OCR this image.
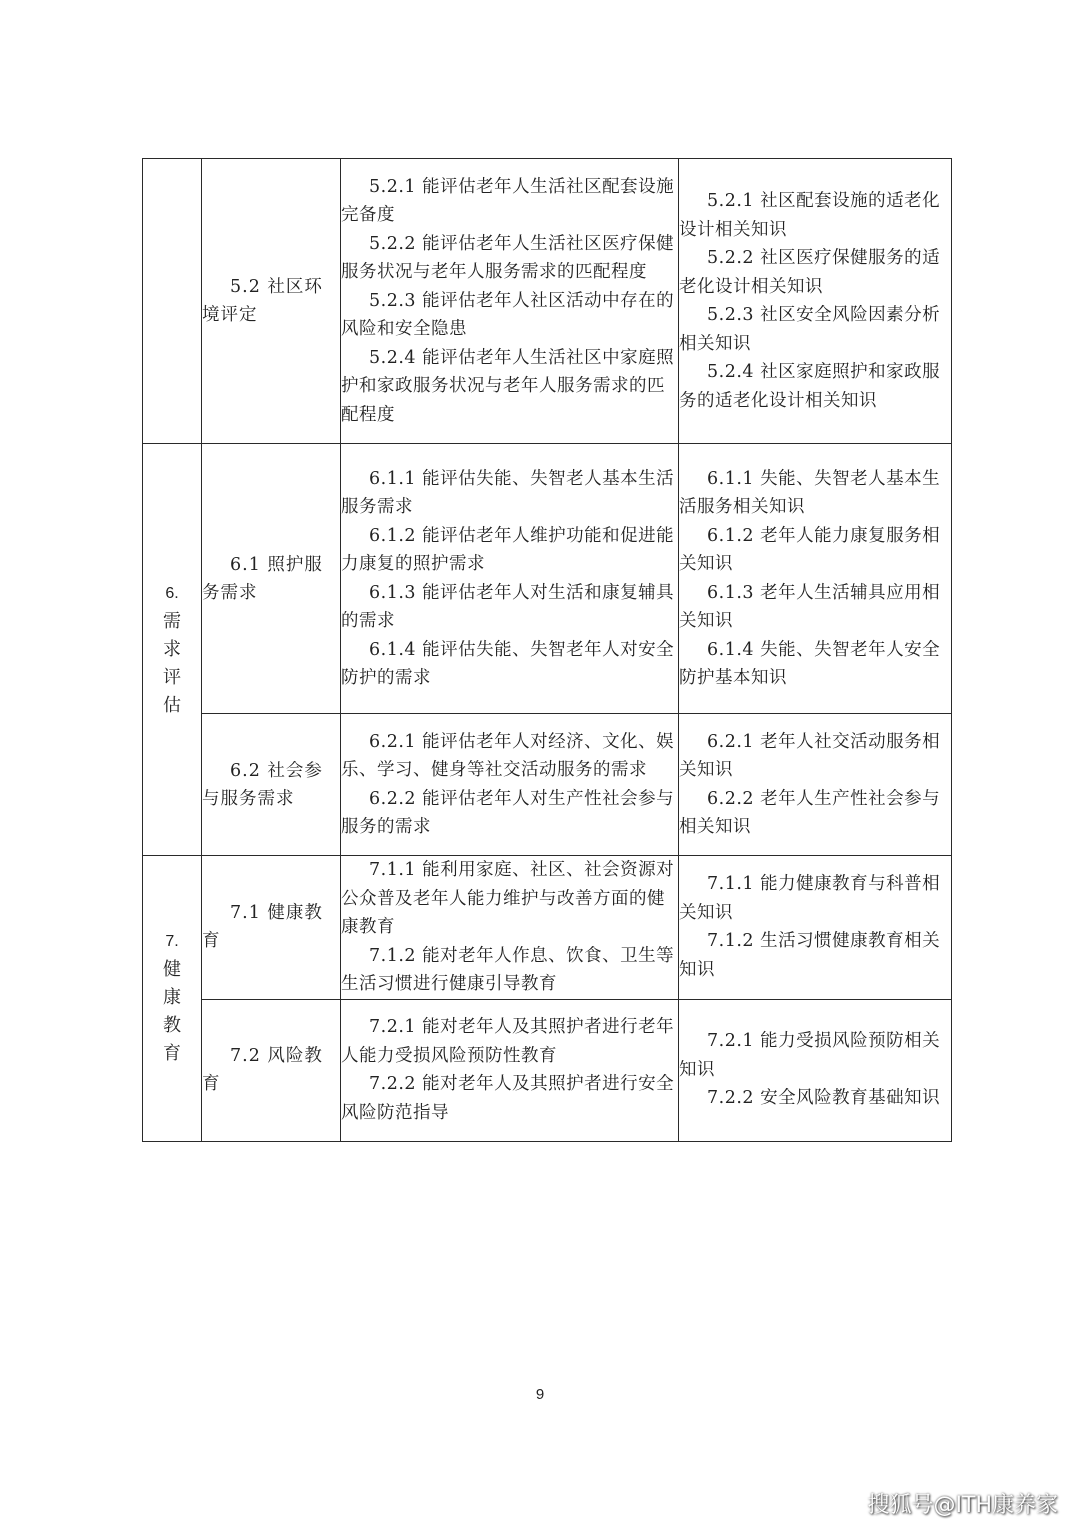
	5.2 社区环境评定	5.2.1 能评估老年人生活社区配套设施完备度
5.2.2 能评估老年人生活社区医疗保健服务状况与老年人服务需求的匹配程度
5.2.3 能评估老年人社区活动中存在的风险和安全隐患
5.2.4 能评估老年人生活社区中家庭照护和家政服务状况与老年人服务需求的匹配程度	5.2.1 社区配套设施的适老化设计相关知识
5.2.2 社区医疗保健服务的适老化设计相关知识
5.2.3 社区安全风险因素分析相关知识
5.2.4 社区家庭照护和家政服务的适老化设计相关知识

6.
需
求
评
估	6.1 照护服务需求	6.1.1 能评估失能、失智老人基本生活服务需求
6.1.2 能评估老年人维护功能和促进能力康复的照护需求
6.1.3 能评估老年人对生活和康复辅具的需求
6.1.4 能评估失能、失智老年人对安全防护的需求	6.1.1 失能、失智老人基本生活服务相关知识
6.1.2 老年人能力康复服务相关知识
6.1.3 老年人生活辅具应用相关知识
6.1.4 失能、失智老年人安全防护基本知识

	6.2 社会参与服务需求	6.2.1 能评估老年人对经济、文化、娱乐、学习、健身等社交活动服务的需求
6.2.2 能评估老年人对生产性社会参与服务的需求	6.2.1 老年人社交活动服务相关知识
6.2.2 老年人生产性社会参与相关知识

7.
健
康
教
育	7.1 健康教育	7.1.1 能利用家庭、社区、社会资源对公众普及老年人能力维护与改善方面的健康教育
7.1.2 能对老年人作息、饮食、卫生等生活习惯进行健康引导教育	7.1.1 能力健康教育与科普相关知识
7.1.2 生活习惯健康教育相关知识

	7.2 风险教育	7.2.1 能对老年人及其照护者进行老年人能力受损风险预防性教育
7.2.2 能对老年人及其照护者进行安全风险防范指导	7.2.1 能力受损风险预防相关知识
7.2.2 安全风险教育基础知识
9
搜狐号@ITH康养家
